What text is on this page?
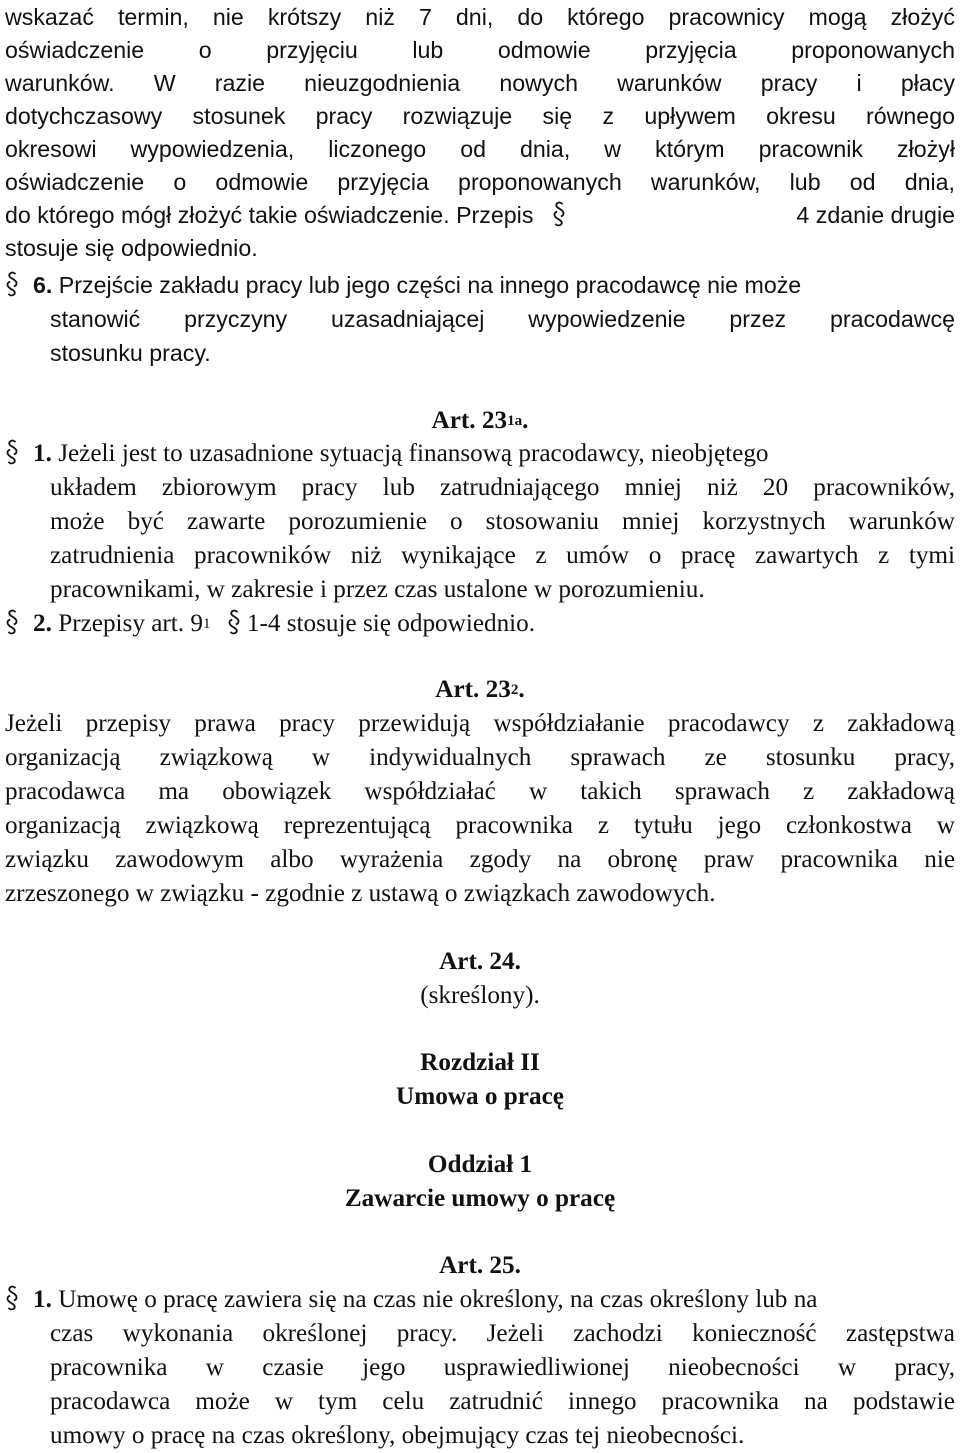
wskazać termin, nie krótszy niż 7 dni, do którego pracownicy mogą złożyć
oświadczenie o przyjęciu lub odmowie przyjęcia proponowanych
warunków. W razie nieuzgodnienia nowych warunków pracy i płacy
dotychczasowy stosunek pracy rozwiązuje się z upływem okresu równego
okresowi wypowiedzenia, liczonego od dnia, w którym pracownik złożył
oświadczenie o odmowie przyjęcia proponowanych warunków, lub od dnia,
do którego mógł złożyć takie oświadczenie. Przepis	4 zdanie drugie
stosuje się odpowiednio.
6. Przejście zakładu pracy lub jego części na innego pracodawcę nie może
stanowić przyczyny uzasadniającej wypowiedzenie przez pracodawcę
stosunku pracy.
Art. $23^{1a}$.
1. Jeżeli jest to uzasadnione sytuacją finansową pracodawcy, nieobjętego
układem zbiorowym pracy lub zatrudniającego mniej niż 20 pracowników,
może być zawarte porozumienie o stosowaniu mniej korzystnych warunków
zatrudnienia pracowników niż wynikające z umów o pracę zawartych z tymi
pracownikami, w zakresie i przez czas ustalone w porozumieniu.
2. Przepisy art. $9^1$ 1-4 stosuje się odpowiednio.
Art. $23^2$.
Jeżeli przepisy prawa pracy przewidują współdziałanie pracodawcy z zakładową
organizacją związkową w indywidualnych sprawach ze stosunku pracy,
pracodawca ma obowiązek współdziałać w takich sprawach z zakładową
organizacją związkową reprezentującą pracownika z tytułu jego członkostwa w
związku zawodowym albo wyrażenia zgody na obronę praw pracownika nie
zrzeszonego w związku - zgodnie z ustawą o związkach zawodowych.
Art. 24.
(skreślony).
Rozdział II
Umowa o pracę
Oddział 1
Zawarcie umowy o pracę
Art. 25.
1. Umowę o pracę zawiera się na czas nie określony, na czas określony lub na
czas wykonania określonej pracy. Jeżeli zachodzi konieczność zastępstwa
pracownika w czasie jego usprawiedliwionej nieobecności w pracy,
pracodawca może w tym celu zatrudnić innego pracownika na podstawie
umowy o pracę na czas określony, obejmujący czas tej nieobecności.
